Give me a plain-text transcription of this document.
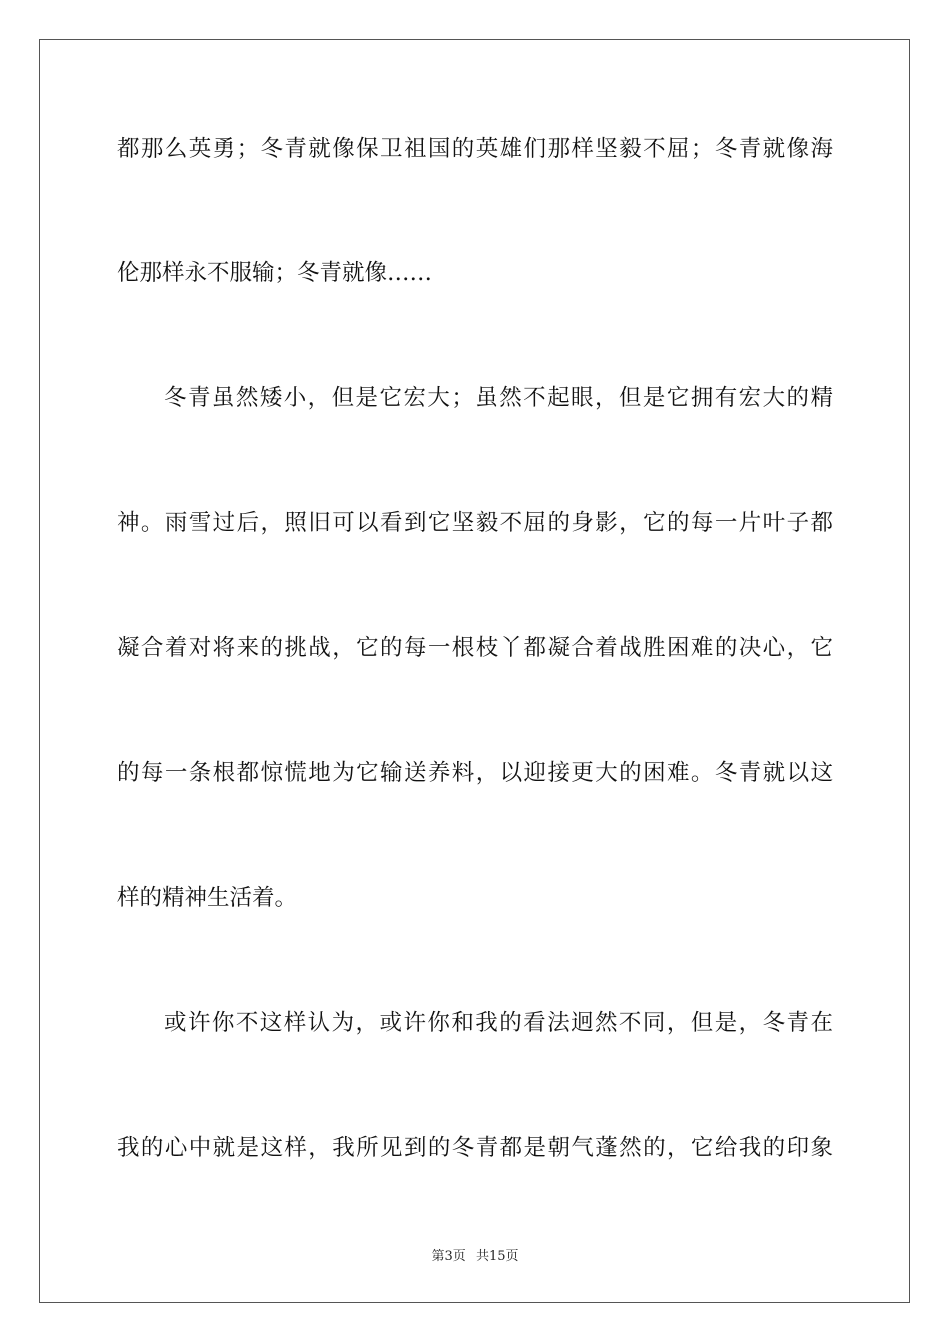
都那么英勇；冬青就像保卫祖国的英雄们那样坚毅不屈；冬青就像海
伦那样永不服输；冬青就像……
冬青虽然矮小，但是它宏大；虽然不起眼，但是它拥有宏大的精
神。雨雪过后，照旧可以看到它坚毅不屈的身影，它的每一片叶子都
凝合着对将来的挑战，它的每一根枝丫都凝合着战胜困难的决心，它
的每一条根都惊慌地为它输送养料，以迎接更大的困难。冬青就以这
样的精神生活着。
或许你不这样认为，或许你和我的看法迥然不同，但是，冬青在
我的心中就是这样，我所见到的冬青都是朝气蓬然的，它给我的印象
第3页 共15页
